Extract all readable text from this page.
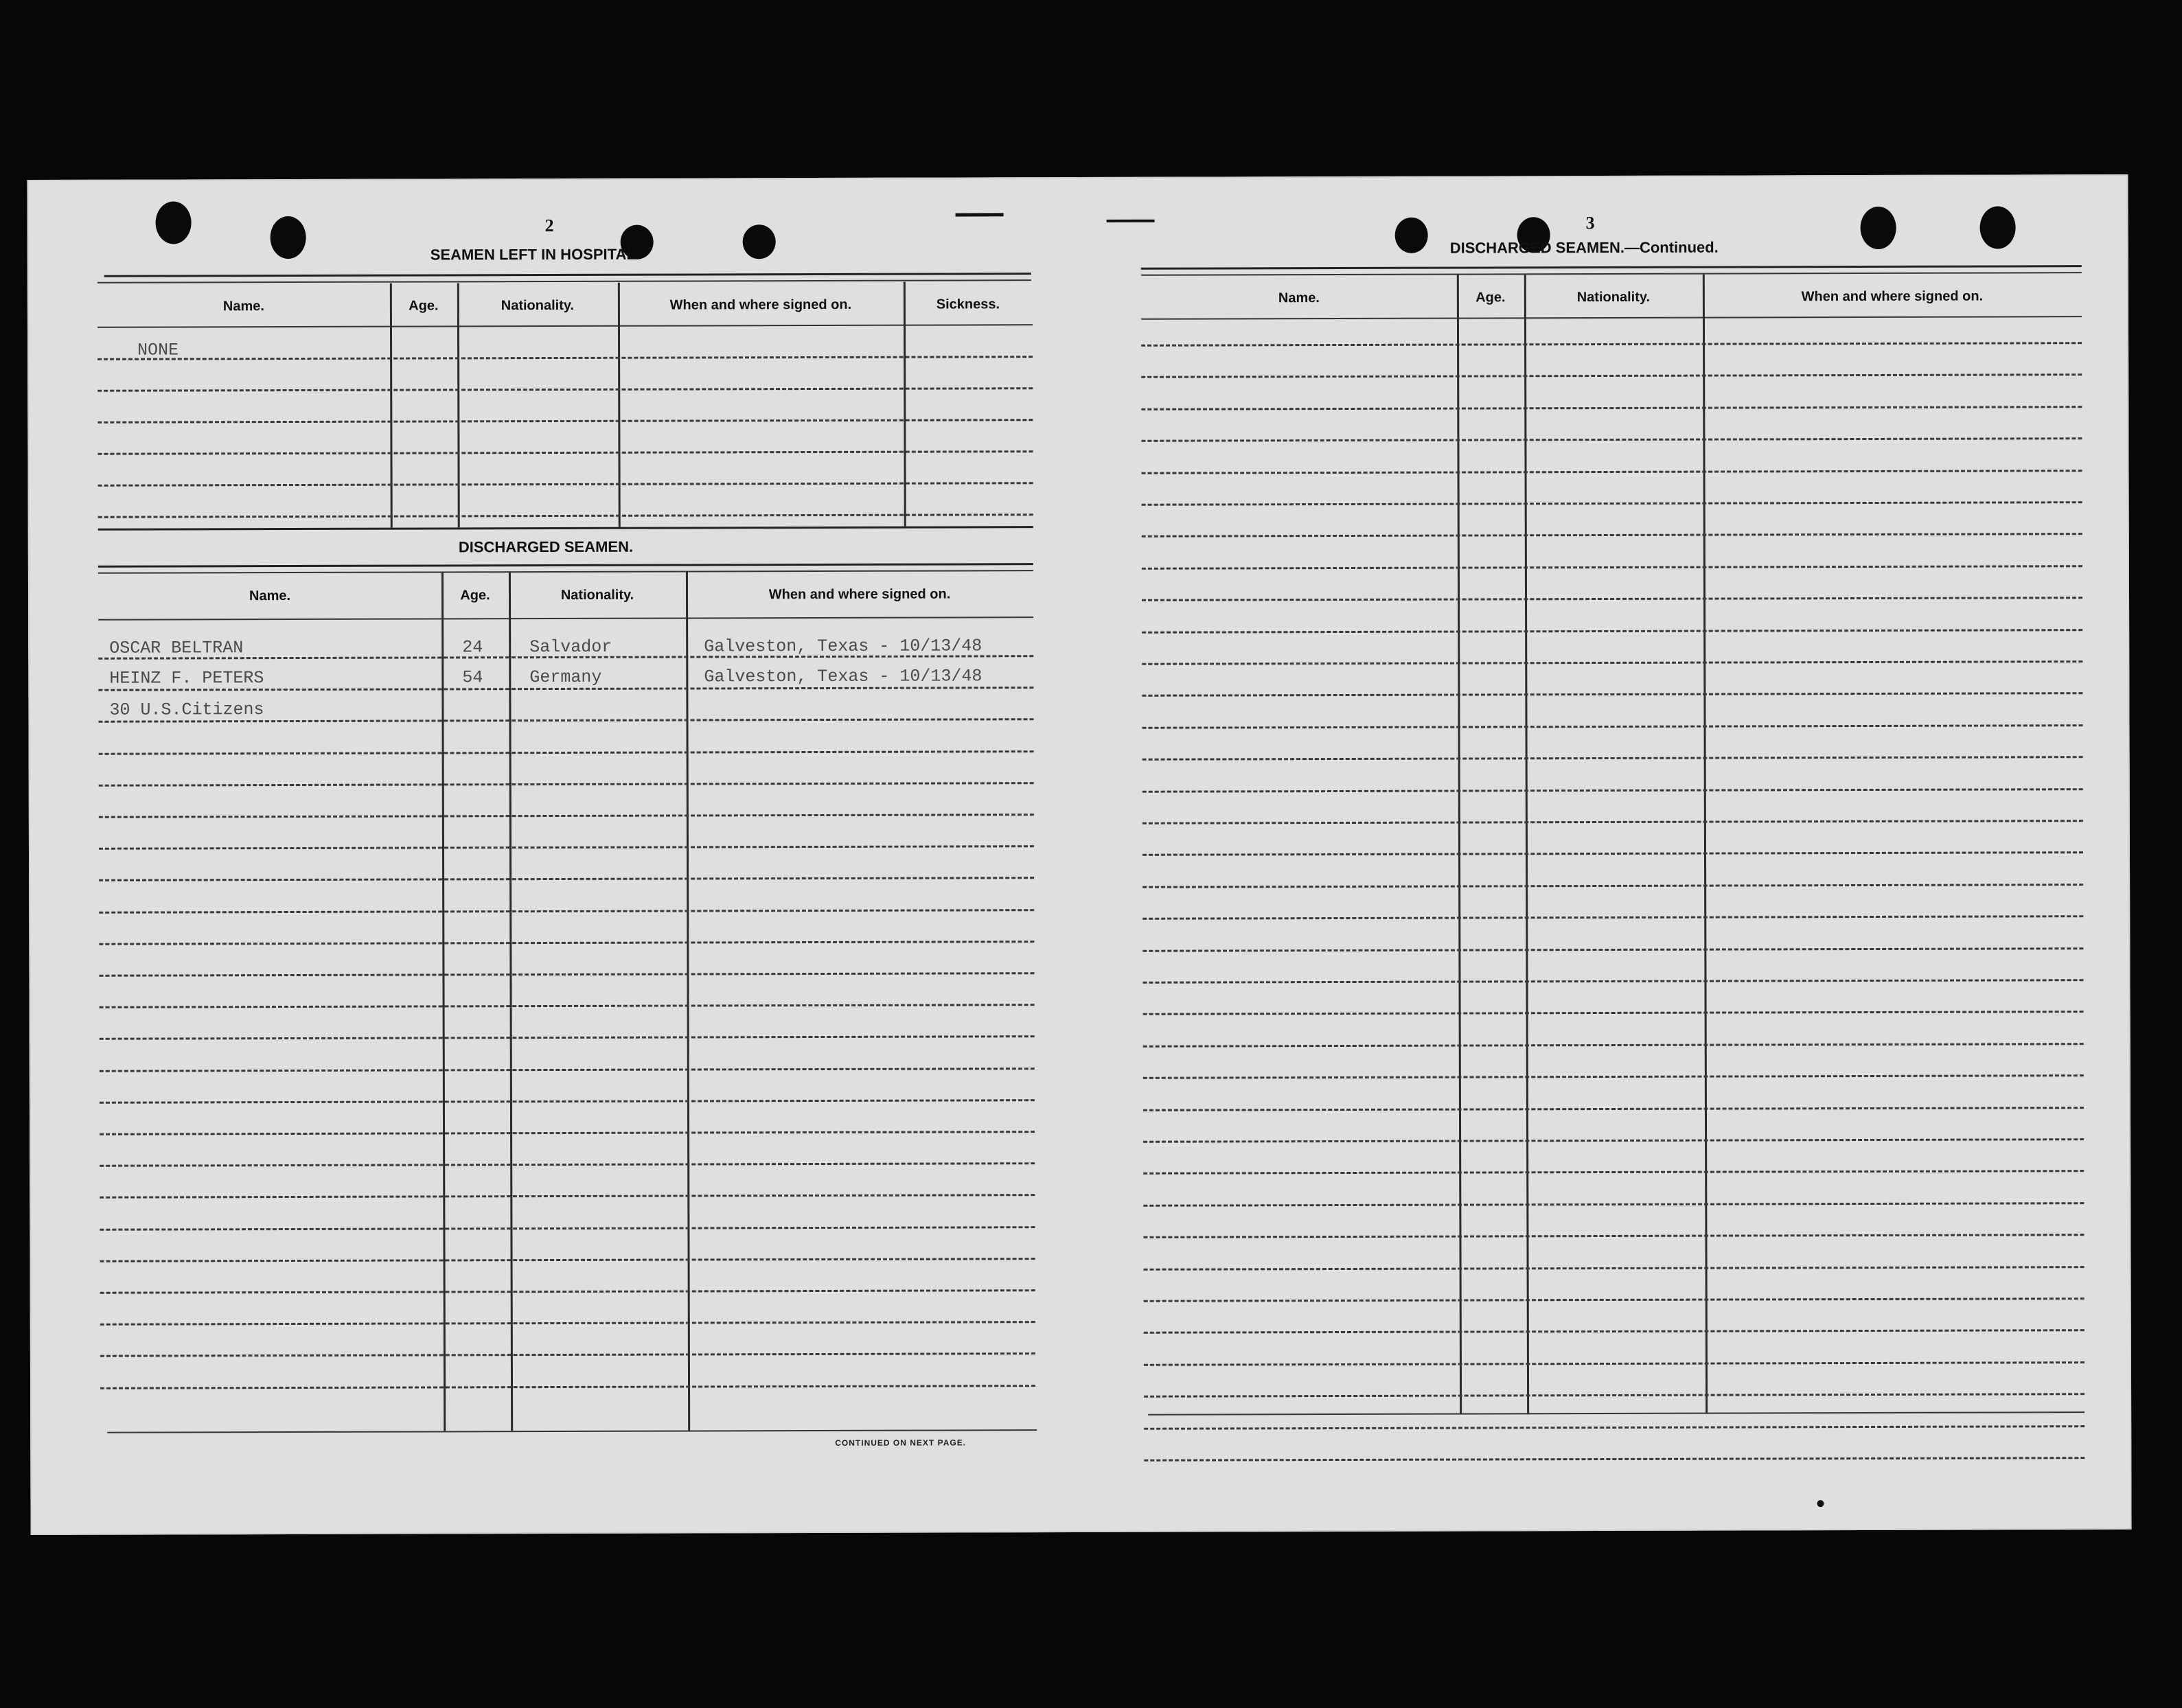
2
SEAMEN LEFT IN HOSPITAL.
Name.	Age.	Nationality.	When and where signed on.	Sickness.
NONE
DISCHARGED SEAMEN.
Name.	Age.	Nationality.	When and where signed on.
OSCAR BELTRAN	24	Salvador	Galveston, Texas - 10/13/48
HEINZ F. PETERS	54	Germany	Galveston, Texas - 10/13/48
30 U.S.Citizens
CONTINUED ON NEXT PAGE.
3
DISCHARGED SEAMEN.—Continued.
Name.	Age.	Nationality.	When and where signed on.
